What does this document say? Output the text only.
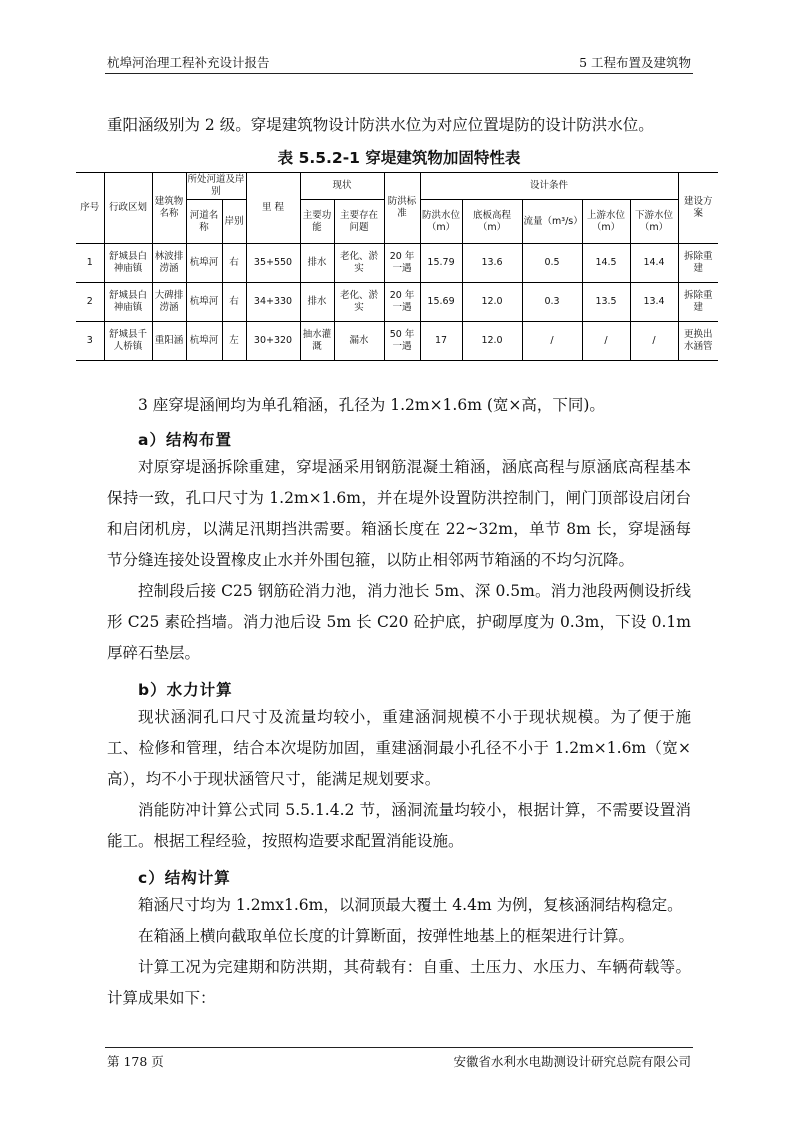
杭埠河治理工程补充设计报告	5 工程布置及建筑物

重阳涵级别为 2 级。穿堤建筑物设计防洪水位为对应位置堤防的设计防洪水位。

表 5.5.2-1 穿堤建筑物加固特性表
序号	行政区划	建筑物名称	所处河道及岸别		里 程	现状		防洪标准	设计条件					建设方案
			河道名称	岸别		主要功能	主要存在问题		防洪水位（m）	底板高程（m）	流量（m³/s）	上游水位（m）	下游水位（m）	
1	舒城县白神庙镇	林波排涝涵	杭埠河	右	35+550	排水	老化、淤实	20 年一遇	15.79	13.6	0.5	14.5	14.4	拆除重建
2	舒城县白神庙镇	大碑排涝涵	杭埠河	右	34+330	排水	老化、淤实	20 年一遇	15.69	12.0	0.3	13.5	13.4	拆除重建
3	舒城县千人桥镇	重阳涵	杭埠河	左	30+320	抽水灌溉	漏水	50 年一遇	17	12.0	/	/	/	更换出水涵管

3 座穿堤涵闸均为单孔箱涵，孔径为 1.2m×1.6m (宽×高，下同)。

a）结构布置

对原穿堤涵拆除重建，穿堤涵采用钢筋混凝土箱涵，涵底高程与原涵底高程基本保持一致，孔口尺寸为 1.2m×1.6m，并在堤外设置防洪控制门，闸门顶部设启闭台和启闭机房，以满足汛期挡洪需要。箱涵长度在 22~32m，单节 8m 长，穿堤涵每节分缝连接处设置橡皮止水并外围包箍，以防止相邻两节箱涵的不均匀沉降。

控制段后接 C25 钢筋砼消力池，消力池长 5m、深 0.5m。消力池段两侧设折线形 C25 素砼挡墙。消力池后设 5m 长 C20 砼护底，护砌厚度为 0.3m，下设 0.1m 厚碎石垫层。

b）水力计算

现状涵洞孔口尺寸及流量均较小，重建涵洞规模不小于现状规模。为了便于施工、检修和管理，结合本次堤防加固，重建涵洞最小孔径不小于 1.2m×1.6m（宽×高），均不小于现状涵管尺寸，能满足规划要求。

消能防冲计算公式同 5.5.1.4.2 节，涵洞流量均较小，根据计算，不需要设置消能工。根据工程经验，按照构造要求配置消能设施。

c）结构计算

箱涵尺寸均为 1.2mx1.6m，以洞顶最大覆土 4.4m 为例，复核涵洞结构稳定。

在箱涵上横向截取单位长度的计算断面，按弹性地基上的框架进行计算。

计算工况为完建期和防洪期，其荷载有：自重、土压力、水压力、车辆荷载等。计算成果如下：

第 178 页	安徽省水利水电勘测设计研究总院有限公司
